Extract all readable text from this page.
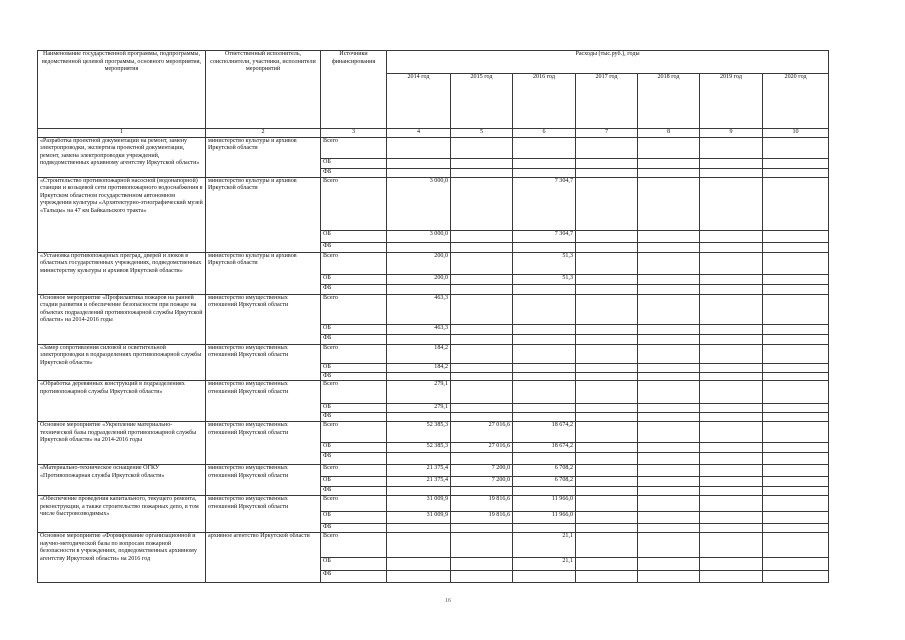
Наименование государственной программы, подпрограммы, ведомственной целевой программы, основного мероприятия, мероприятия	Ответственный исполнитель, соисполнители, участники, исполнители мероприятий	Источники финансирования	Расходы (тыс.руб.), годы						
			2014 год	2015 год	2016 год	2017 год	2018 год	2019 год	2020 год
1	2	3	4	5	6	7	8	9	10
«Разработка проектной документации на ремонт, замену электропроводки, экспертиза проектной документации, ремонт, замена электропроводки учреждений, подведомственных архивному агентству Иркутской области»	министерство культуры и архивов Иркутской области	Всего							
		ОБ							
		ФБ							
«Строительство противопожарной насосной (водонапорной) станции и козьцевой сети противопожарного водоснабжения в Иркутском областном государственном автономном учреждении культуры «Архитектурно-этнографический музей «Тальцы» на 47 км Байкальского тракта»	министерство культуры и архивов Иркутской области	Всего	3 000,0		7 304,7				
		ОБ	3 000,0		7 304,7				
		ФБ							
«Установка противопожарных преград, дверей и люков в областных государственных учреждениях, подведомственных министерству культуры и архивов Иркутской области»	министерство культуры и архивов Иркутской области	Всего	200,0		51,3				
		ОБ	200,0		51,3				
		ФБ							
Основное мероприятие «Профилактика пожаров на ранней стадии развития и обеспечение безопасности при пожаре на объектах подразделений противопожарной службы Иркутской области» на 2014-2016 годы	министерство имущественных отношений Иркутской области	Всего	463,3						
		ОБ	463,3						
		ФБ							
«Замер сопротивления силовой и осветительной электропроводки в подразделениях противопожарной службы Иркутской области»	министерство имущественных отношений Иркутской области	Всего	184,2						
		ОБ	184,2						
		ФБ							
«Обработка деревянных конструкций в подразделениях противопожарной службы Иркутской области»	министерство имущественных отношений Иркутской области	Всего	279,1						
		ОБ	279,1						
		ФБ							
Основное мероприятие «Укрепление материально-технической базы подразделений противопожарной службы Иркутской области» на 2014-2016 годы	министерство имущественных отношений Иркутской области	Всего	52 385,3	27 016,6	18 674,2				
		ОБ	52 385,3	27 016,6	18 674,2				
		ФБ							
«Материально-техническое оснащение ОГКУ «Противопожарная служба Иркутской области»	министерство имущественных отношений Иркутской области	Всего	21 375,4	7 200,0	6 708,2				
		ОБ	21 375,4	7 200,0	6 708,2				
		ФБ							
«Обеспечение проведения капитального, текущего ремонта, реконструкции, а также строительство пожарных депо, в том числе быстровозводимых»	министерство имущественных отношений Иркутской области	Всего	31 009,9	19 816,6	11 966,0				
		ОБ	31 009,9	19 816,6	11 966,0				
		ФБ							
Основное мероприятие «Формирование организационной и научно-методической базы по вопросам пожарной безопасности в учреждениях, подведомственных архивному агентству Иркутской области» на 2016 год	архивное агентство Иркутской области	Всего			21,1				
		ОБ			21,1				
		ФБ							
16
